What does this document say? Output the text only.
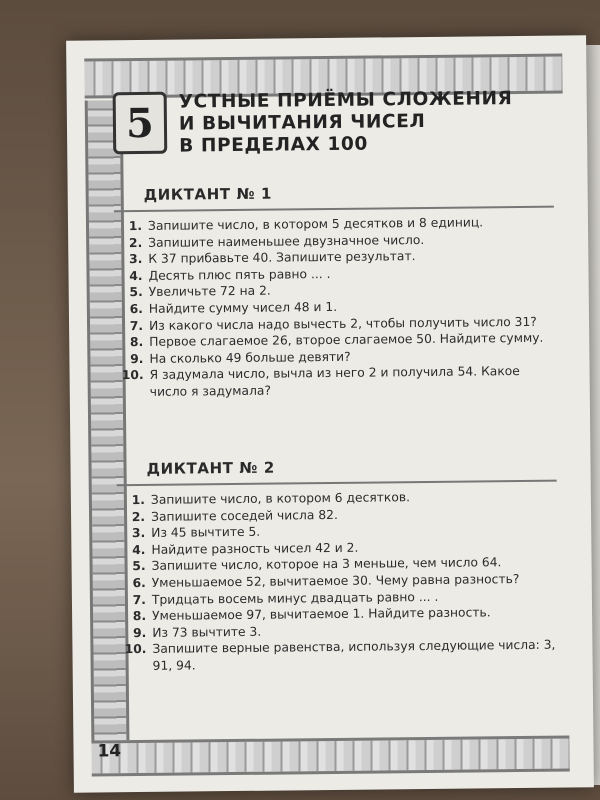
14
5	УСТНЫЕ ПРИЁМЫ СЛОЖЕНИЯ
И ВЫЧИТАНИЯ ЧИСЕЛ
В ПРЕДЕЛАХ 100
ДИКТАНТ № 1
1. Запишите число, в котором 5 десятков и 8 единиц.
2. Запишите наименьшее двузначное число.
3. К 37 прибавьте 40. Запишите результат.
4. Десять плюс пять равно ... .
5. Увеличьте 72 на 2.
6. Найдите сумму чисел 48 и 1.
7. Из какого числа надо вычесть 2, чтобы получить число 31?
8. Первое слагаемое 26, второе слагаемое 50. Найдите сумму.
9. На сколько 49 больше девяти?
10. Я задумала число, вычла из него 2 и получила 54. Какое число я задумала?
ДИКТАНТ № 2
1. Запишите число, в котором 6 десятков.
2. Запишите соседей числа 82.
3. Из 45 вычтите 5.
4. Найдите разность чисел 42 и 2.
5. Запишите число, которое на 3 меньше, чем число 64.
6. Уменьшаемое 52, вычитаемое 30. Чему равна разность?
7. Тридцать восемь минус двадцать равно ... .
8. Уменьшаемое 97, вычитаемое 1. Найдите разность.
9. Из 73 вычтите 3.
10. Запишите верные равенства, используя следующие числа: 3, 91, 94.
